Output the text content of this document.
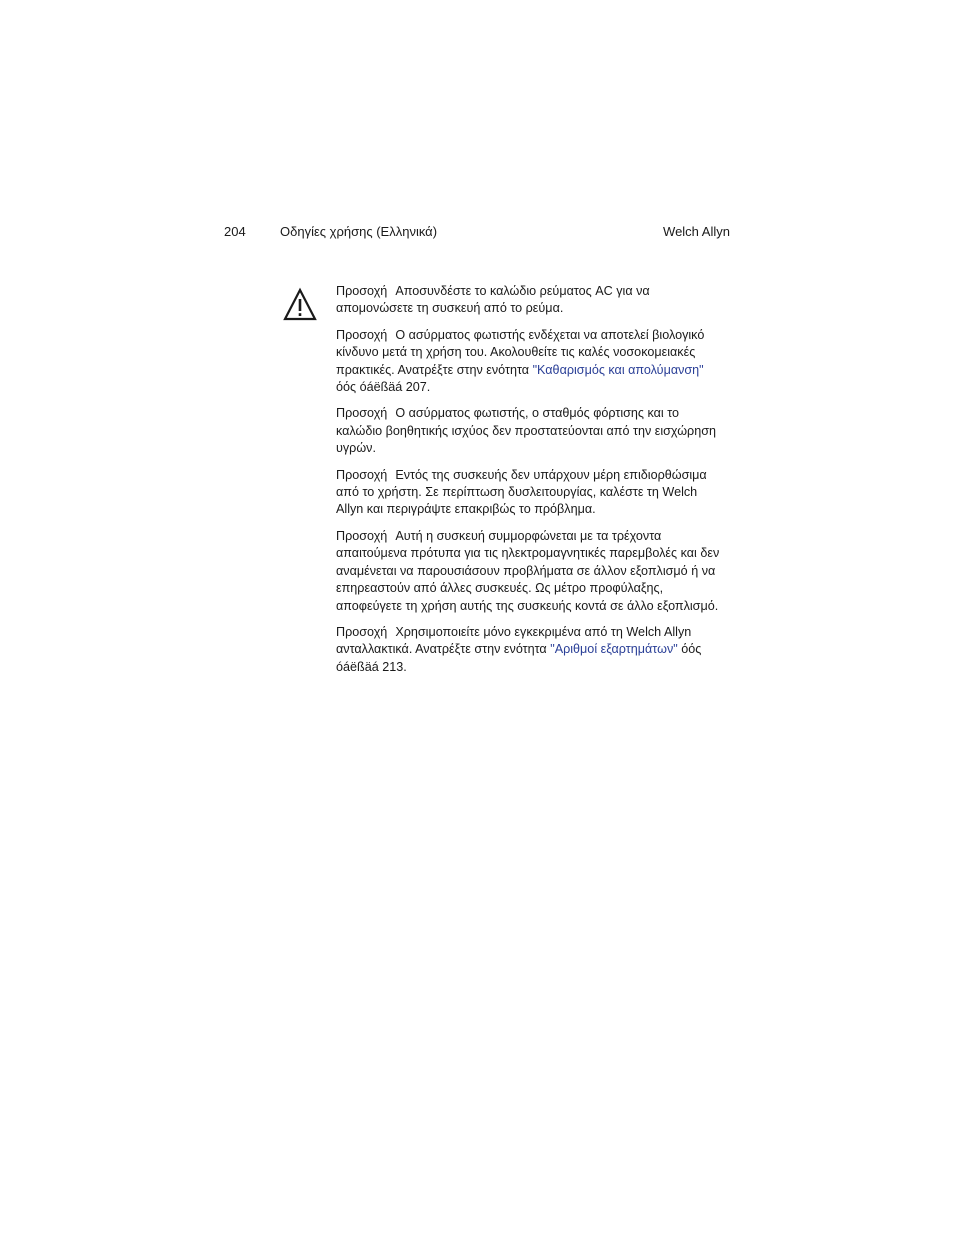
204	Οδηγίες χρήσης (Ελληνικά)	Welch Allyn

Προσοχή Αποσυνδέστε το καλώδιο ρεύματος AC για να απομονώσετε τη συσκευή από το ρεύμα.

Προσοχή Ο ασύρματος φωτιστής ενδέχεται να αποτελεί βιολογικό κίνδυνο μετά τη χρήση του. Ακολουθείτε τις καλές νοσοκομειακές πρακτικές. Ανατρέξτε στην ενότητα "Καθαρισμός και απολύμανση" όός óáëßäá 207.

Προσοχή Ο ασύρματος φωτιστής, ο σταθμός φόρτισης και το καλώδιο βοηθητικής ισχύος δεν προστατεύονται από την εισχώρηση υγρών.

Προσοχή Εντός της συσκευής δεν υπάρχουν μέρη επιδιορθώσιμα από το χρήστη. Σε περίπτωση δυσλειτουργίας, καλέστε τη Welch Allyn και περιγράψτε επακριβώς το πρόβλημα.

Προσοχή Αυτή η συσκευή συμμορφώνεται με τα τρέχοντα απαιτούμενα πρότυπα για τις ηλεκτρομαγνητικές παρεμβολές και δεν αναμένεται να παρουσιάσουν προβλήματα σε άλλον εξοπλισμό ή να επηρεαστούν από άλλες συσκευές. Ως μέτρο προφύλαξης, αποφεύγετε τη χρήση αυτής της συσκευής κοντά σε άλλο εξοπλισμό.

Προσοχή Χρησιμοποιείτε μόνο εγκεκριμένα από τη Welch Allyn ανταλλακτικά. Ανατρέξτε στην ενότητα "Αριθμοί εξαρτημάτων" όός óáëßäá 213.
